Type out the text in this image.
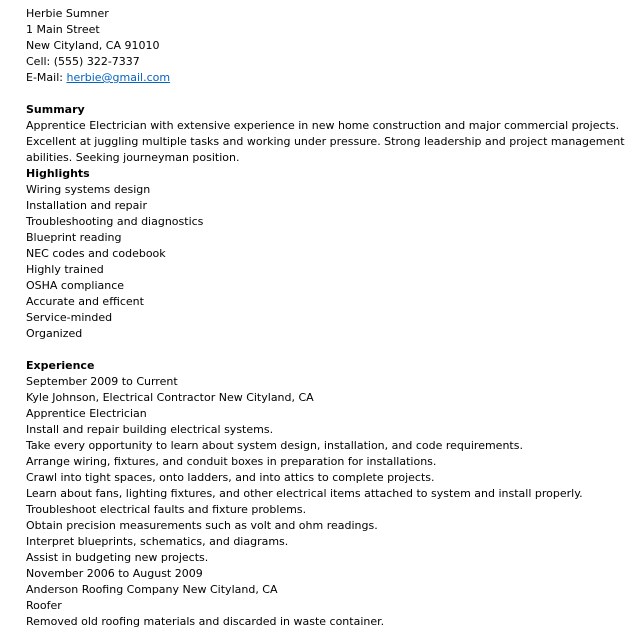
Herbie Sumner
1 Main Street
New Cityland, CA 91010
Cell: (555) 322-7337
E-Mail: herbie@gmail.com
Summary
Apprentice Electrician with extensive experience in new home construction and major commercial projects.
Excellent at juggling multiple tasks and working under pressure. Strong leadership and project management
abilities. Seeking journeyman position.
Highlights
Wiring systems design
Installation and repair
Troubleshooting and diagnostics
Blueprint reading
NEC codes and codebook
Highly trained
OSHA compliance
Accurate and efficent
Service-minded
Organized
Experience
September 2009 to Current
Kyle Johnson, Electrical Contractor New Cityland, CA
Apprentice Electrician
Install and repair building electrical systems.
Take every opportunity to learn about system design, installation, and code requirements.
Arrange wiring, fixtures, and conduit boxes in preparation for installations.
Crawl into tight spaces, onto ladders, and into attics to complete projects.
Learn about fans, lighting fixtures, and other electrical items attached to system and install properly.
Troubleshoot electrical faults and fixture problems.
Obtain precision measurements such as volt and ohm readings.
Interpret blueprints, schematics, and diagrams.
Assist in budgeting new projects.
November 2006 to August 2009
Anderson Roofing Company New Cityland, CA
Roofer
Removed old roofing materials and discarded in waste container.
